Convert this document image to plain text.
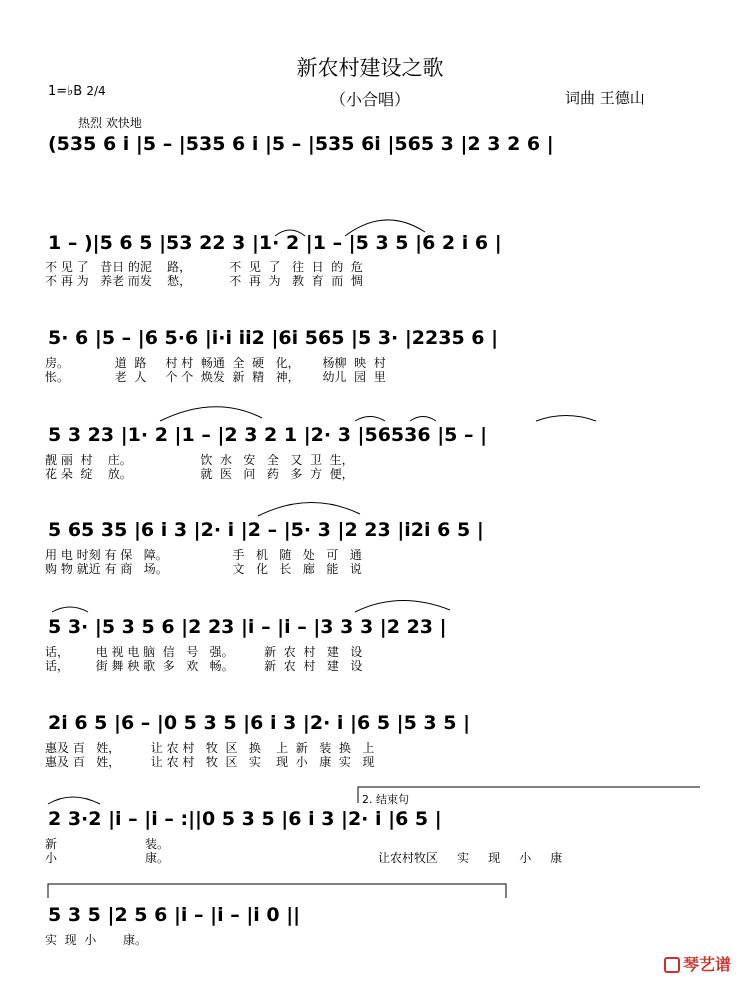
新农村建设之歌
（小合唱）	词曲 王德山
1=♭B 2/4
热烈 欢快地
(535 6 i |5 – |535 6 i |5 – |535 6i |565 3 |2 3 2 6 |
1 – )|5 6 5 |53 22 3 |1· 2 |1 – |5 3 5 |6 2 i 6 |
不 见 了   昔日 的泥    路，          不  见  了   往  日  的  危
不 再 为   养老 而发    愁，          不  再  为   教  育  而  惆
5· 6 |5 – |6 5·6 |i·i ii2 |6i 565 |5 3· |2235 6 |
房。            道  路     村 村  畅通  全  硬   化，      杨柳  映  村
怅。            老  人     个 个  焕发  新  精   神，      幼儿  园  里
5 3 23 |1· 2 |1 – |2 3 2 1 |2· 3 |56536 |5 – |
靓 丽  村    庄。                  饮  水   安   全   又  卫  生，
花 朵  绽    放。                  就  医   问   药   多  方  便，
5 65 35 |6 i 3 |2· i |2 – |5· 3 |2 23 |i2i 6 5 |
用 电 时刻 有 保   障。                 手   机   随   处   可   通
购 物 就近 有 商   场。                 文   化   长   廊   能   说
5 3· |5 3 5 6 |2 23 |i – |i – |3 3 3 |2 23 |
话，       电 视 电 脑  信   号   强。        新  农  村   建   设
话，       街 舞 秧 歌  多   欢   畅。        新  农  村   建   设
2i 6 5 |6 – |0 5 3 5 |6 i 3 |2· i |6 5 |5 3 5 |
惠及 百   姓，        让 农 村   牧  区   换    上  新   装  换   上
惠及 百   姓，        让 农 村   牧  区   实    现  小   康  实   现
2. 结束句
2 3·2 |i – |i – :||0 5 3 5 |6 i 3 |2· i |6 5 |
新	装。
小	康。	让农村牧区     实     现     小     康
5 3 5 |2 5 6 |i – |i – |i 0 ||
实  现  小       康。
琴艺谱
